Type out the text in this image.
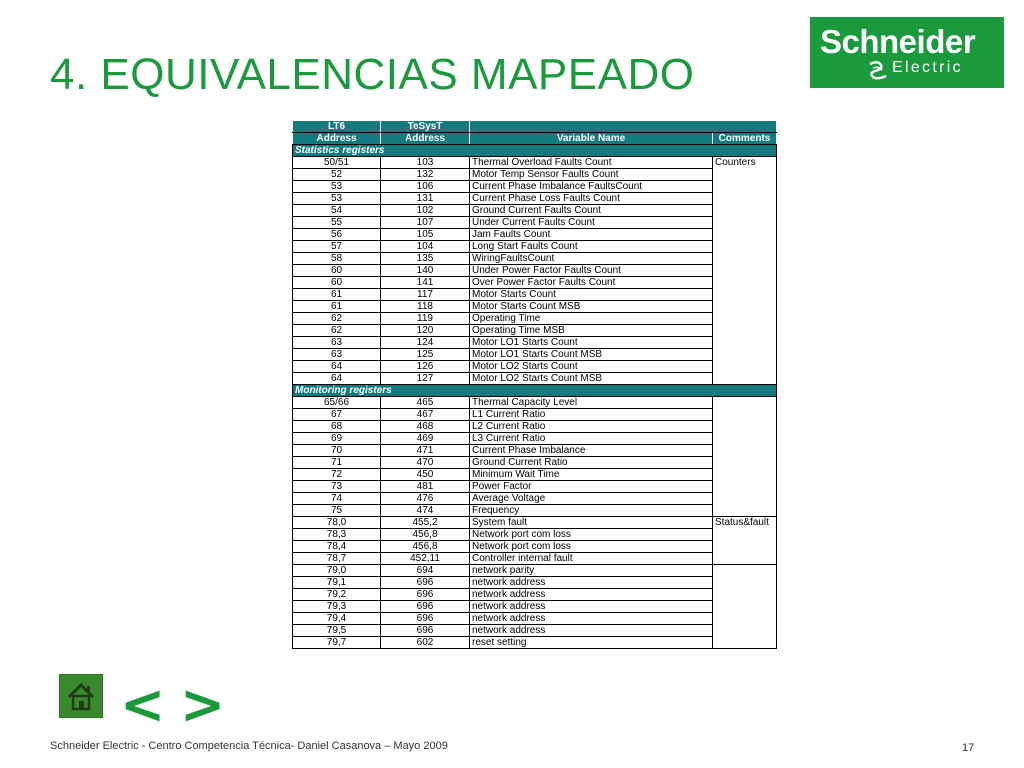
4. EQUIVALENCIAS MAPEADO
Schneider
Electric
LT6	TeSysT		
Address	Address	Variable Name	Comments
Statistics registers			
50/51	103	Thermal Overload Faults Count	Counters
52	132	Motor Temp Sensor Faults Count	
53	106	Current Phase Imbalance FaultsCount	
53	131	Current Phase Loss Faults Count	
54	102	Ground Current Faults Count	
55	107	Under Current Faults Count	
56	105	Jam Faults Count	
57	104	Long Start Faults Count	
58	135	WiringFaultsCount	
60	140	Under Power Factor Faults Count	
60	141	Over Power Factor Faults Count	
61	117	Motor Starts Count	
61	118	Motor Starts Count MSB	
62	119	Operating Time	
62	120	Operating Time MSB	
63	124	Motor LO1 Starts Count	
63	125	Motor LO1 Starts Count MSB	
64	126	Motor LO2 Starts Count	
64	127	Motor LO2 Starts Count MSB	
Monitoring registers			
65/66	465	Thermal Capacity Level	
67	467	L1 Current Ratio	
68	468	L2 Current Ratio	
69	469	L3 Current Ratio	
70	471	Current Phase Imbalance	
71	470	Ground Current Ratio	
72	450	Minimum Wait Time	
73	481	Power Factor	
74	476	Average Voltage	
75	474	Frequency	
78,0	455,2	System fault	Status&fault
78,3	456,8	Network port com loss	
78,4	456,8	Network port com loss	
78,7	452,11	Controller internal fault	
79,0	694	network parity	
79,1	696	network address	
79,2	696	network address	
79,3	696	network address	
79,4	696	network address	
79,5	696	network address	
79,7	602	reset setting	
< >
Schneider Electric - Centro Competencia Técnica- Daniel Casanova – Mayo 2009	17
